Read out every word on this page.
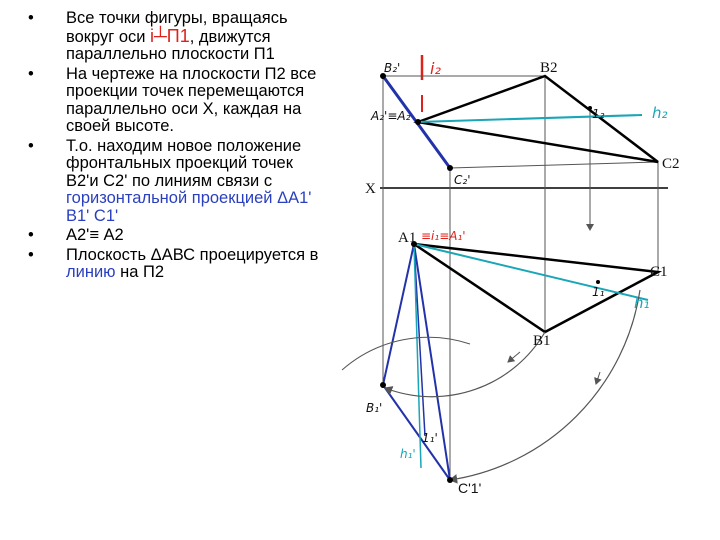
• Все точки фигуры, вращаясь вокруг оси i┴П1, движутся параллельно плоскости П1
• На чертеже на плоскости П2 все проекции точек перемещаются параллельно оси Х, каждая на своей высоте.
• Т.о. находим новое положение фронтальных проекций точек В2'и С2' по линиям связи с горизонтальной проекцией ΔА1' В1' С1'
• А2'≡ А2
• Плоскость ΔАВС проецируется в линию на П2
B₂' i₂	B2
A₂'≡A₂	1₂	h₂
C₂'
C2
X
A1 ≡i₁≡A₁'
C1
1₁
h₁
B1
B₁'
1₁'
h₁'
C'1'
